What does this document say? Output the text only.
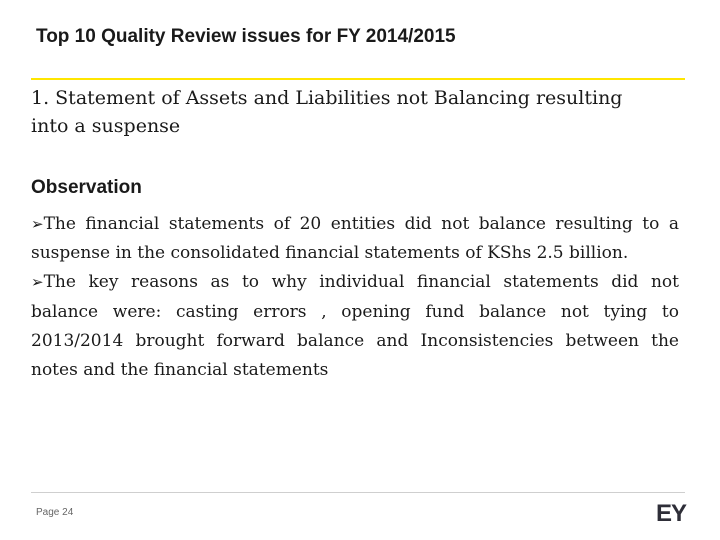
Top 10 Quality Review issues for FY 2014/2015
1. Statement of Assets and Liabilities not Balancing resulting into a suspense
Observation

➢The financial statements of 20 entities did not balance resulting to a suspense in the consolidated financial statements of KShs 2.5 billion.

➢The key reasons as to why individual financial statements did not balance were: casting errors , opening fund balance not tying to 2013/2014 brought forward balance and Inconsistencies between the notes and the financial statements

Page 24	EY
